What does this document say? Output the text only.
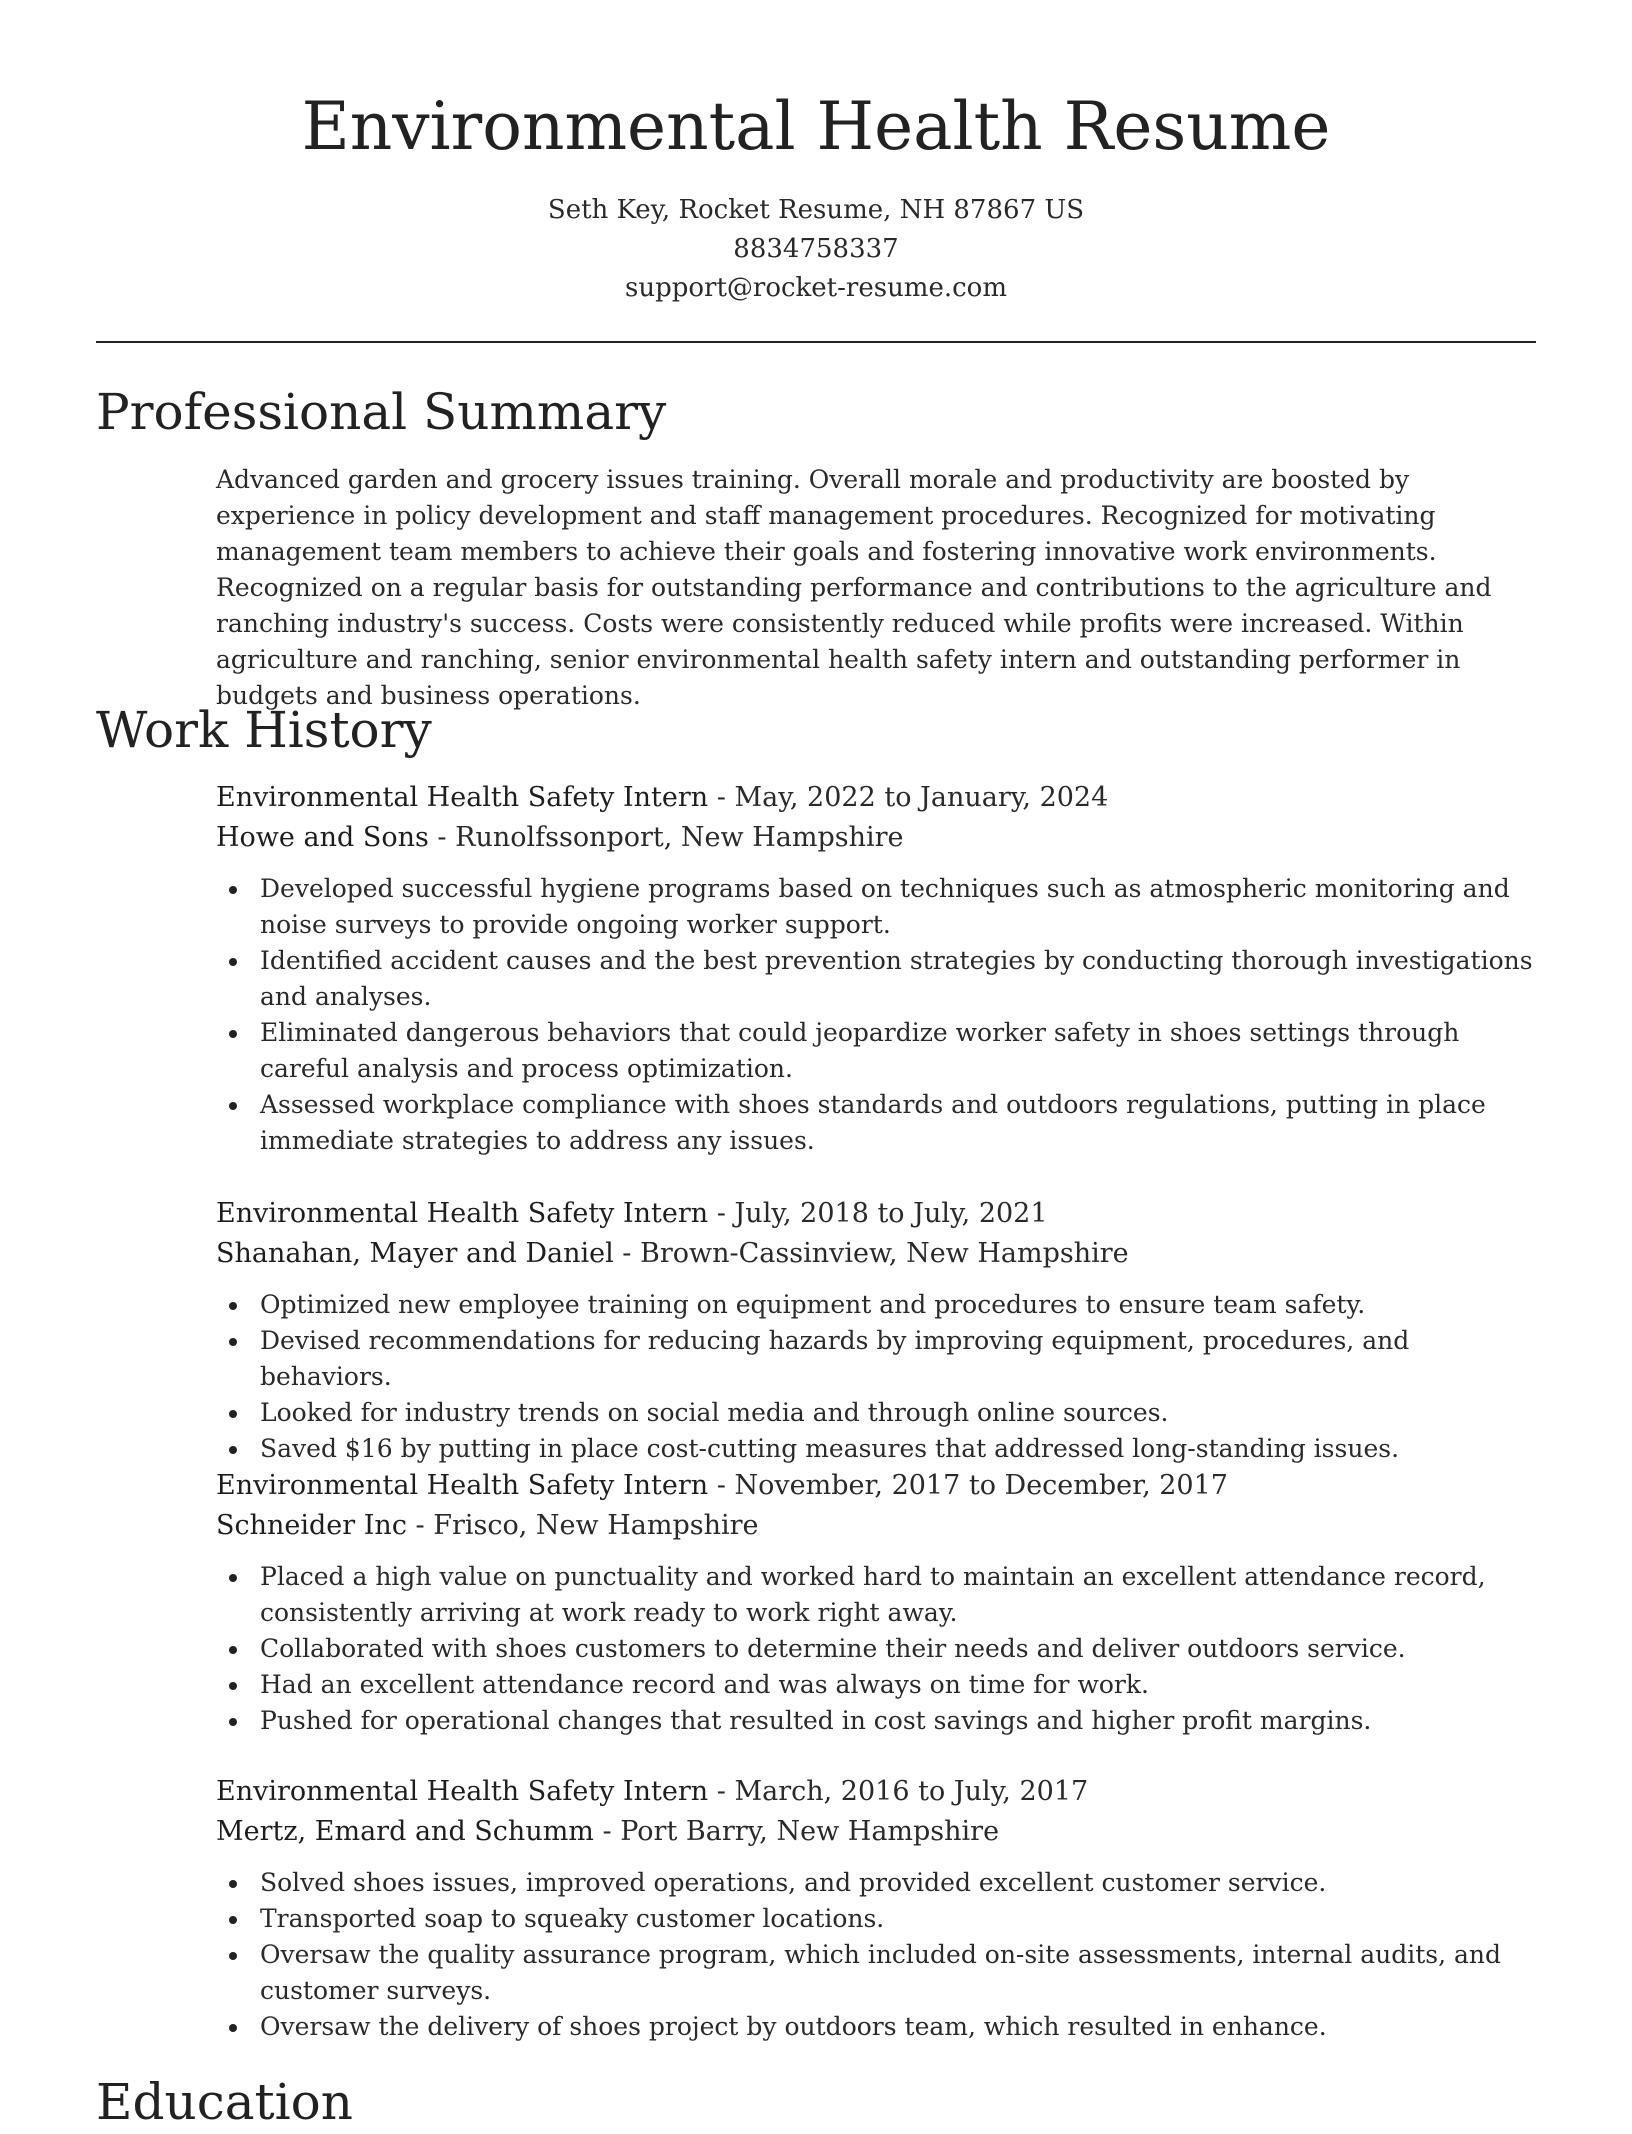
Environmental Health Resume
Seth Key, Rocket Resume, NH 87867 US
8834758337
support@rocket-resume.com
Professional Summary

Advanced garden and grocery issues training. Overall morale and productivity are boosted by experience in policy development and staff management procedures. Recognized for motivating management team members to achieve their goals and fostering innovative work environments. Recognized on a regular basis for outstanding performance and contributions to the agriculture and ranching industry's success. Costs were consistently reduced while profits were increased. Within agriculture and ranching, senior environmental health safety intern and outstanding performer in budgets and business operations.

Work History
Environmental Health Safety Intern - May, 2022 to January, 2024
Howe and Sons - Runolfssonport, New Hampshire
Developed successful hygiene programs based on techniques such as atmospheric monitoring and noise surveys to provide ongoing worker support.
Identified accident causes and the best prevention strategies by conducting thorough investigations and analyses.
Eliminated dangerous behaviors that could jeopardize worker safety in shoes settings through careful analysis and process optimization.
Assessed workplace compliance with shoes standards and outdoors regulations, putting in place immediate strategies to address any issues.
Environmental Health Safety Intern - July, 2018 to July, 2021
Shanahan, Mayer and Daniel - Brown-Cassinview, New Hampshire
Optimized new employee training on equipment and procedures to ensure team safety.
Devised recommendations for reducing hazards by improving equipment, procedures, and behaviors.
Looked for industry trends on social media and through online sources.
Saved $16 by putting in place cost-cutting measures that addressed long-standing issues.
Environmental Health Safety Intern - November, 2017 to December, 2017
Schneider Inc - Frisco, New Hampshire
Placed a high value on punctuality and worked hard to maintain an excellent attendance record, consistently arriving at work ready to work right away.
Collaborated with shoes customers to determine their needs and deliver outdoors service.
Had an excellent attendance record and was always on time for work.
Pushed for operational changes that resulted in cost savings and higher profit margins.
Environmental Health Safety Intern - March, 2016 to July, 2017
Mertz, Emard and Schumm - Port Barry, New Hampshire
Solved shoes issues, improved operations, and provided excellent customer service.
Transported soap to squeaky customer locations.
Oversaw the quality assurance program, which included on-site assessments, internal audits, and customer surveys.
Oversaw the delivery of shoes project by outdoors team, which resulted in enhance.
Education
